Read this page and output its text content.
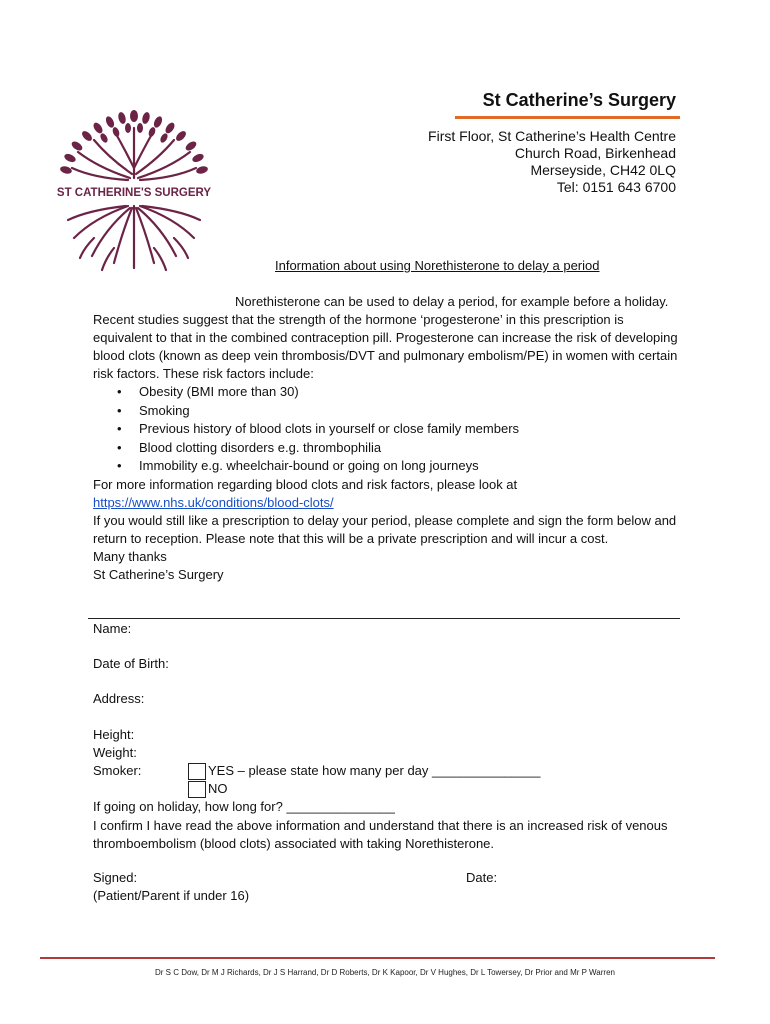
ST CATHERINE'S SURGERY
St Catherine’s Surgery
First Floor, St Catherine’s Health Centre
Church Road, Birkenhead
Merseyside, CH42 0LQ
Tel: 0151 643 6700
Information about using Norethisterone to delay a period
Norethisterone can be used to delay a period, for example before a holiday. Recent studies suggest that the strength of the hormone ‘progesterone’ in this prescription is equivalent to that in the combined contraception pill. Progesterone can increase the risk of developing blood clots (known as deep vein thrombosis/DVT and pulmonary embolism/PE) in women with certain risk factors. These risk factors include:
• Obesity (BMI more than 30)
• Smoking
• Previous history of blood clots in yourself or close family members
• Blood clotting disorders e.g. thrombophilia
• Immobility e.g. wheelchair-bound or going on long journeys
For more information regarding blood clots and risk factors, please look at
https://www.nhs.uk/conditions/blood-clots/
If you would still like a prescription to delay your period, please complete and sign the form below and return to reception. Please note that this will be a private prescription and will incur a cost.
Many thanks
St Catherine’s Surgery
Name:
Date of Birth:
Address:
Height:
Weight:
Smoker:	YES – please state how many per day _______________
NO
If going on holiday, how long for? _______________
I confirm I have read the above information and understand that there is an increased risk of venous thromboembolism (blood clots) associated with taking Norethisterone.
Signed:	Date:
(Patient/Parent if under 16)
Dr S C Dow, Dr M J Richards, Dr J S Harrand, Dr D Roberts, Dr K Kapoor, Dr V Hughes, Dr L Towersey, Dr Prior and Mr P Warren
